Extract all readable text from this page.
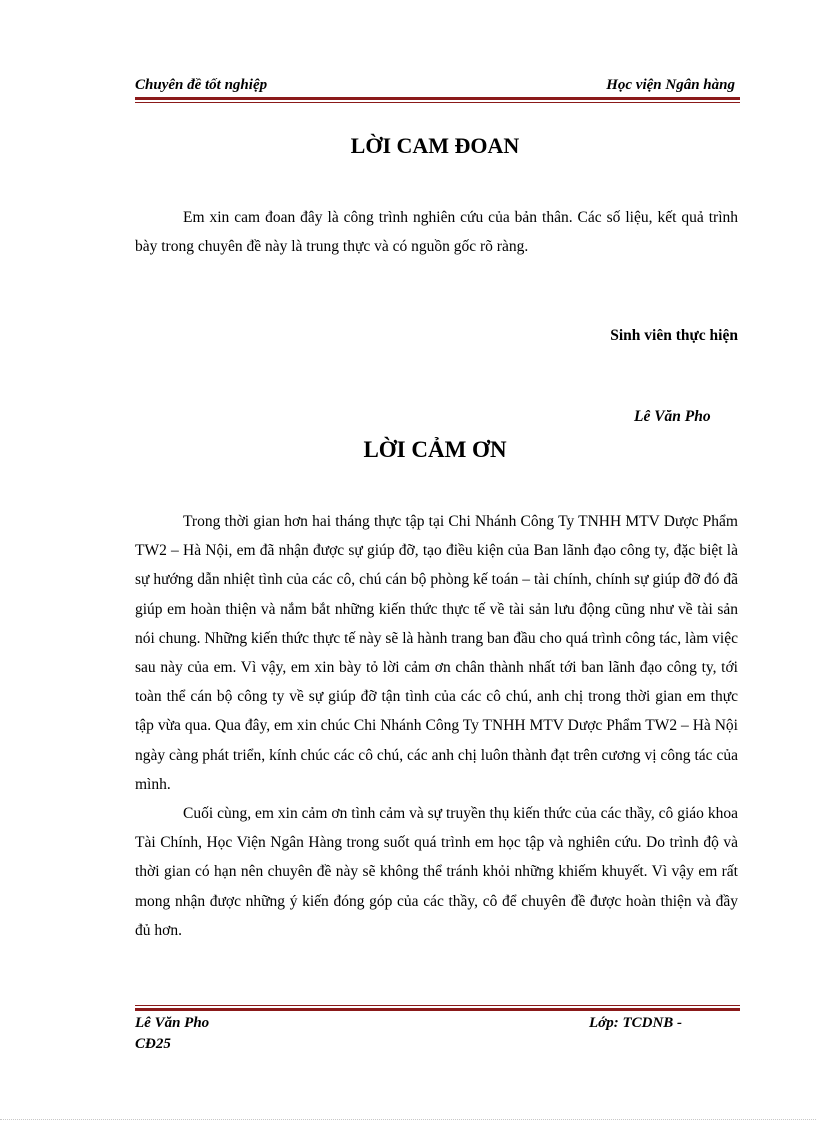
Chuyên đề tốt nghiệp	Học viện Ngân hàng
LỜI CAM ĐOAN

Em xin cam đoan đây là công trình nghiên cứu của bản thân. Các số liệu, kết quả trình bày trong chuyên đề này là trung thực và có nguồn gốc rõ ràng.

Sinh viên thực hiện
Lê Văn Pho
LỜI CẢM ƠN

Trong thời gian hơn hai tháng thực tập tại Chi Nhánh Công Ty TNHH MTV Dược Phẩm TW2 – Hà Nội, em đã nhận được sự giúp đỡ, tạo điều kiện của Ban lãnh đạo công ty, đặc biệt là sự hướng dẫn nhiệt tình của các cô, chú cán bộ phòng kế toán – tài chính, chính sự giúp đỡ đó đã giúp em hoàn thiện và nắm bắt những kiến thức thực tế về tài sản lưu động cũng như về tài sản nói chung. Những kiến thức thực tế này sẽ là hành trang ban đầu cho quá trình công tác, làm việc sau này của em. Vì vậy, em xin bày tỏ lời cảm ơn chân thành nhất tới ban lãnh đạo công ty, tới toàn thể cán bộ công ty về sự giúp đỡ tận tình của các cô chú, anh chị trong thời gian em thực tập vừa qua. Qua đây, em xin chúc Chi Nhánh Công Ty TNHH MTV Dược Phẩm TW2 – Hà Nội ngày càng phát triển, kính chúc các cô chú, các anh chị luôn thành đạt trên cương vị công tác của mình.

Cuối cùng, em xin cảm ơn tình cảm và sự truyền thụ kiến thức của các thầy, cô giáo khoa Tài Chính, Học Viện Ngân Hàng trong suốt quá trình em học tập và nghiên cứu. Do trình độ và thời gian có hạn nên chuyên đề này sẽ không thể tránh khỏi những khiếm khuyết. Vì vậy em rất mong nhận được những ý kiến đóng góp của các thầy, cô để chuyên đề được hoàn thiện và đầy đủ hơn.

Lê Văn Pho	Lớp: TCDNB -
CĐ25
